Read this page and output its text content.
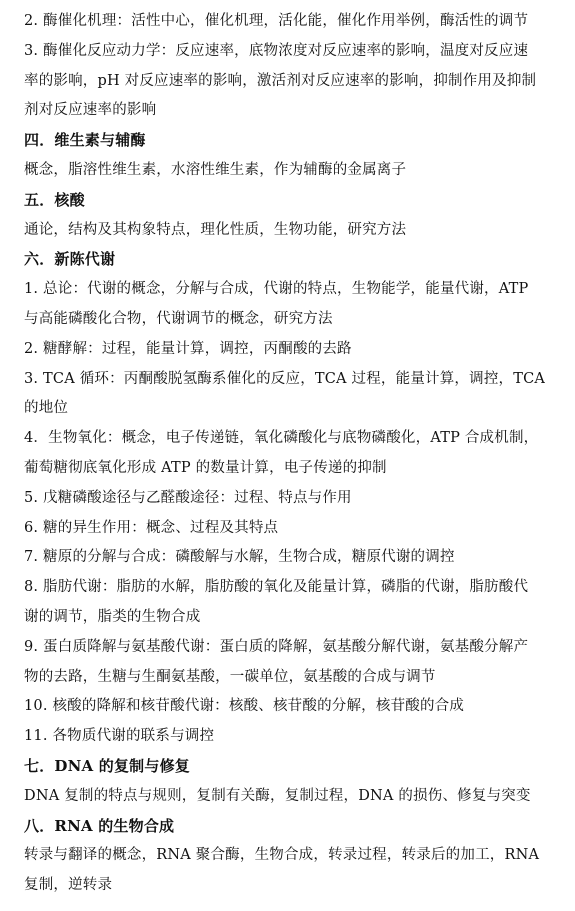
2. 酶催化机理：活性中心，催化机理，活化能，催化作用举例，酶活性的调节
3. 酶催化反应动力学：反应速率，底物浓度对反应速率的影响，温度对反应速
率的影响，pH 对反应速率的影响，激活剂对反应速率的影响，抑制作用及抑制
剂对反应速率的影响
四．维生素与辅酶
概念，脂溶性维生素，水溶性维生素，作为辅酶的金属离子
五．核酸
通论，结构及其构象特点，理化性质，生物功能，研究方法
六．新陈代谢
1. 总论：代谢的概念，分解与合成，代谢的特点，生物能学，能量代谢，ATP
与高能磷酸化合物，代谢调节的概念，研究方法
2. 糖酵解：过程，能量计算，调控，丙酮酸的去路
3. TCA 循环：丙酮酸脱氢酶系催化的反应，TCA 过程，能量计算，调控，TCA
的地位
4．生物氧化：概念，电子传递链，氧化磷酸化与底物磷酸化，ATP 合成机制，
葡萄糖彻底氧化形成 ATP 的数量计算，电子传递的抑制
5. 戊糖磷酸途径与乙醛酸途径：过程、特点与作用
6. 糖的异生作用：概念、过程及其特点
7. 糖原的分解与合成：磷酸解与水解，生物合成，糖原代谢的调控
8. 脂肪代谢：脂肪的水解，脂肪酸的氧化及能量计算，磷脂的代谢，脂肪酸代
谢的调节，脂类的生物合成
9. 蛋白质降解与氨基酸代谢：蛋白质的降解，氨基酸分解代谢，氨基酸分解产
物的去路，生糖与生酮氨基酸，一碳单位，氨基酸的合成与调节
10. 核酸的降解和核苷酸代谢：核酸、核苷酸的分解，核苷酸的合成
11. 各物质代谢的联系与调控
七．DNA 的复制与修复
DNA 复制的特点与规则，复制有关酶，复制过程，DNA 的损伤、修复与突变
八．RNA 的生物合成
转录与翻译的概念，RNA 聚合酶，生物合成，转录过程，转录后的加工，RNA
复制，逆转录
